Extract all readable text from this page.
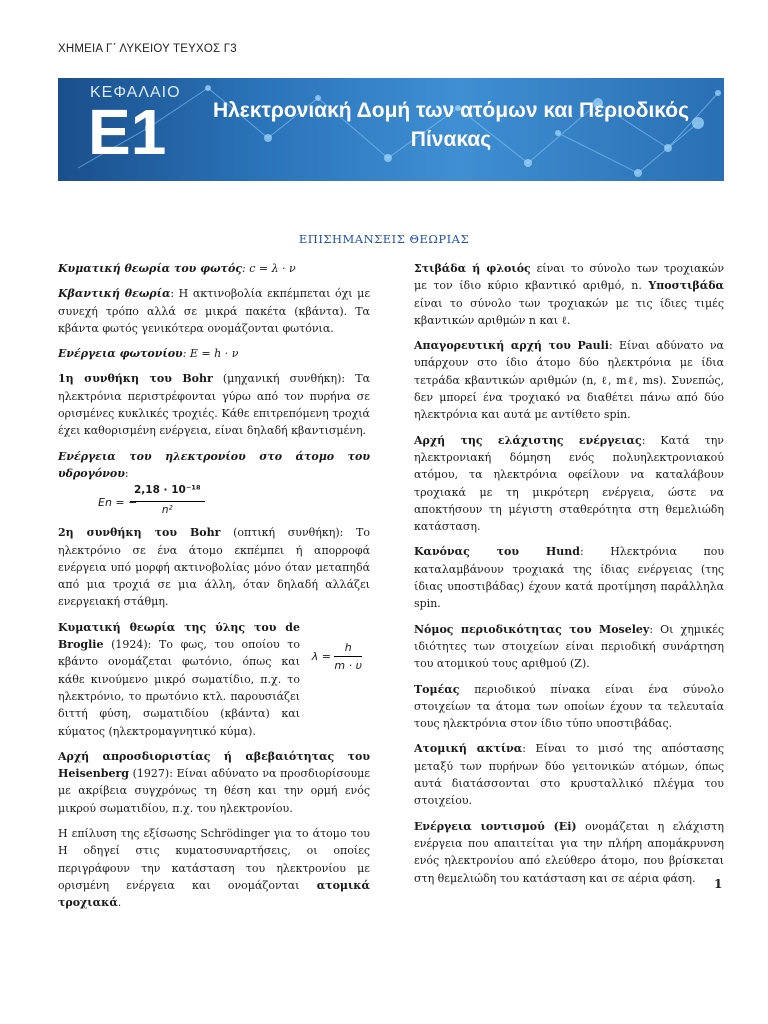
ΧΗΜΕΙΑ Γ΄ ΛΥΚΕΙΟΥ ΤΕΥΧΟΣ Γ3
ΚΕΦΑΛΑΙΟ
Ε1	Ηλεκτρονιακή Δομή των ατόμων και Περιοδικός
Πίνακας
ΕΠΙΣΗΜΑΝΣΕΙΣ ΘΕΩΡΙΑΣ

Κυματική θεωρία του φωτός: c = λ · ν

Κβαντική θεωρία: Η ακτινοβολία εκπέμπεται όχι με συνεχή τρόπο αλλά σε μικρά πακέτα (κβάντα). Τα κβάντα φωτός γενικότερα ονομάζονται φωτόνια.

Ενέργεια φωτονίου: E = h · ν

1η συνθήκη του Bohr (μηχανική συνθήκη): Τα ηλεκτρόνια περιστρέφονται γύρω από τον πυρήνα σε ορισμένες κυκλικές τροχιές. Κάθε επιτρεπόμενη τροχιά έχει καθορισμένη ενέργεια, είναι δηλαδή κβαντισμένη.

Ενέργεια του ηλεκτρονίου στο άτομο του υδρογόνου:

En = −
$\frac{\text{2,18 · 10⁻¹⁸}}{\text{n²}}$

2η συνθήκη του Bohr (οπτική συνθήκη): Το ηλεκτρόνιο σε ένα άτομο εκπέμπει ή απορροφά ενέργεια υπό μορφή ακτινοβολίας μόνο όταν μεταπηδά από μια τροχιά σε μια άλλη, όταν δηλαδή αλλάζει ενεργειακή στάθμη.

Κυματική θεωρία της ύλης του de Broglie (1924): Το φως, του οποίου το κβάντο ονομάζεται φωτόνιο, όπως και κάθε κινούμενο μικρό σωματίδιο, π.χ. το ηλεκτρόνιο, το πρωτόνιο κτλ. παρουσιάζει διττή φύση, σωματιδίου (κβάντα) και κύματος (ηλεκτρομαγνητικό κύμα).

$\lambda = \frac{h}{m \cdot \upsilon}$

Αρχή απροσδιοριστίας ή αβεβαιότητας του Heisenberg (1927): Είναι αδύνατο να προσδιορίσουμε με ακρίβεια συγχρόνως τη θέση και την ορμή ενός μικρού σωματιδίου, π.χ. του ηλεκτρονίου.

Η επίλυση της εξίσωσης Schrödinger για το άτομο του Η οδηγεί στις κυματοσυναρτήσεις, οι οποίες περιγράφουν την κατάσταση του ηλεκτρονίου με ορισμένη ενέργεια και ονομάζονται ατομικά τροχιακά.

Στιβάδα ή φλοιός είναι το σύνολο των τροχιακών με τον ίδιο κύριο κβαντικό αριθμό, n. Υποστιβάδα είναι το σύνολο των τροχιακών με τις ίδιες τιμές κβαντικών αριθμών n και ℓ.

Απαγορευτική αρχή του Pauli: Είναι αδύνατο να υπάρχουν στο ίδιο άτομο δύο ηλεκτρόνια με ίδια τετράδα κβαντικών αριθμών (n, ℓ, mℓ, ms). Συνεπώς, δεν μπορεί ένα τροχιακό να διαθέτει πάνω από δύο ηλεκτρόνια και αυτά με αντίθετο spin.

Αρχή της ελάχιστης ενέργειας: Κατά την ηλεκτρονιακή δόμηση ενός πολυηλεκτρονιακού ατόμου, τα ηλεκτρόνια οφείλουν να καταλάβουν τροχιακά με τη μικρότερη ενέργεια, ώστε να αποκτήσουν τη μέγιστη σταθερότητα στη θεμελιώδη κατάσταση.

Κανόνας του Hund: Ηλεκτρόνια που καταλαμβάνουν τροχιακά της ίδιας ενέργειας (της ίδιας υποστιβάδας) έχουν κατά προτίμηση παράλληλα spin.

Νόμος περιοδικότητας του Moseley: Οι χημικές ιδιότητες των στοιχείων είναι περιοδική συνάρτηση του ατομικού τους αριθμού (Z).

Τομέας περιοδικού πίνακα είναι ένα σύνολο στοιχείων τα άτομα των οποίων έχουν τα τελευταία τους ηλεκτρόνια στον ίδιο τύπο υποστιβάδας.

Ατομική ακτίνα: Είναι το μισό της απόστασης μεταξύ των πυρήνων δύο γειτονικών ατόμων, όπως αυτά διατάσσονται στο κρυσταλλικό πλέγμα του στοιχείου.

Ενέργεια ιοντισμού (Ei) ονομάζεται η ελάχιστη ενέργεια που απαιτείται για την πλήρη απομάκρυνση ενός ηλεκτρονίου από ελεύθερο άτομο, που βρίσκεται στη θεμελιώδη του κατάσταση και σε αέρια φάση.	1
